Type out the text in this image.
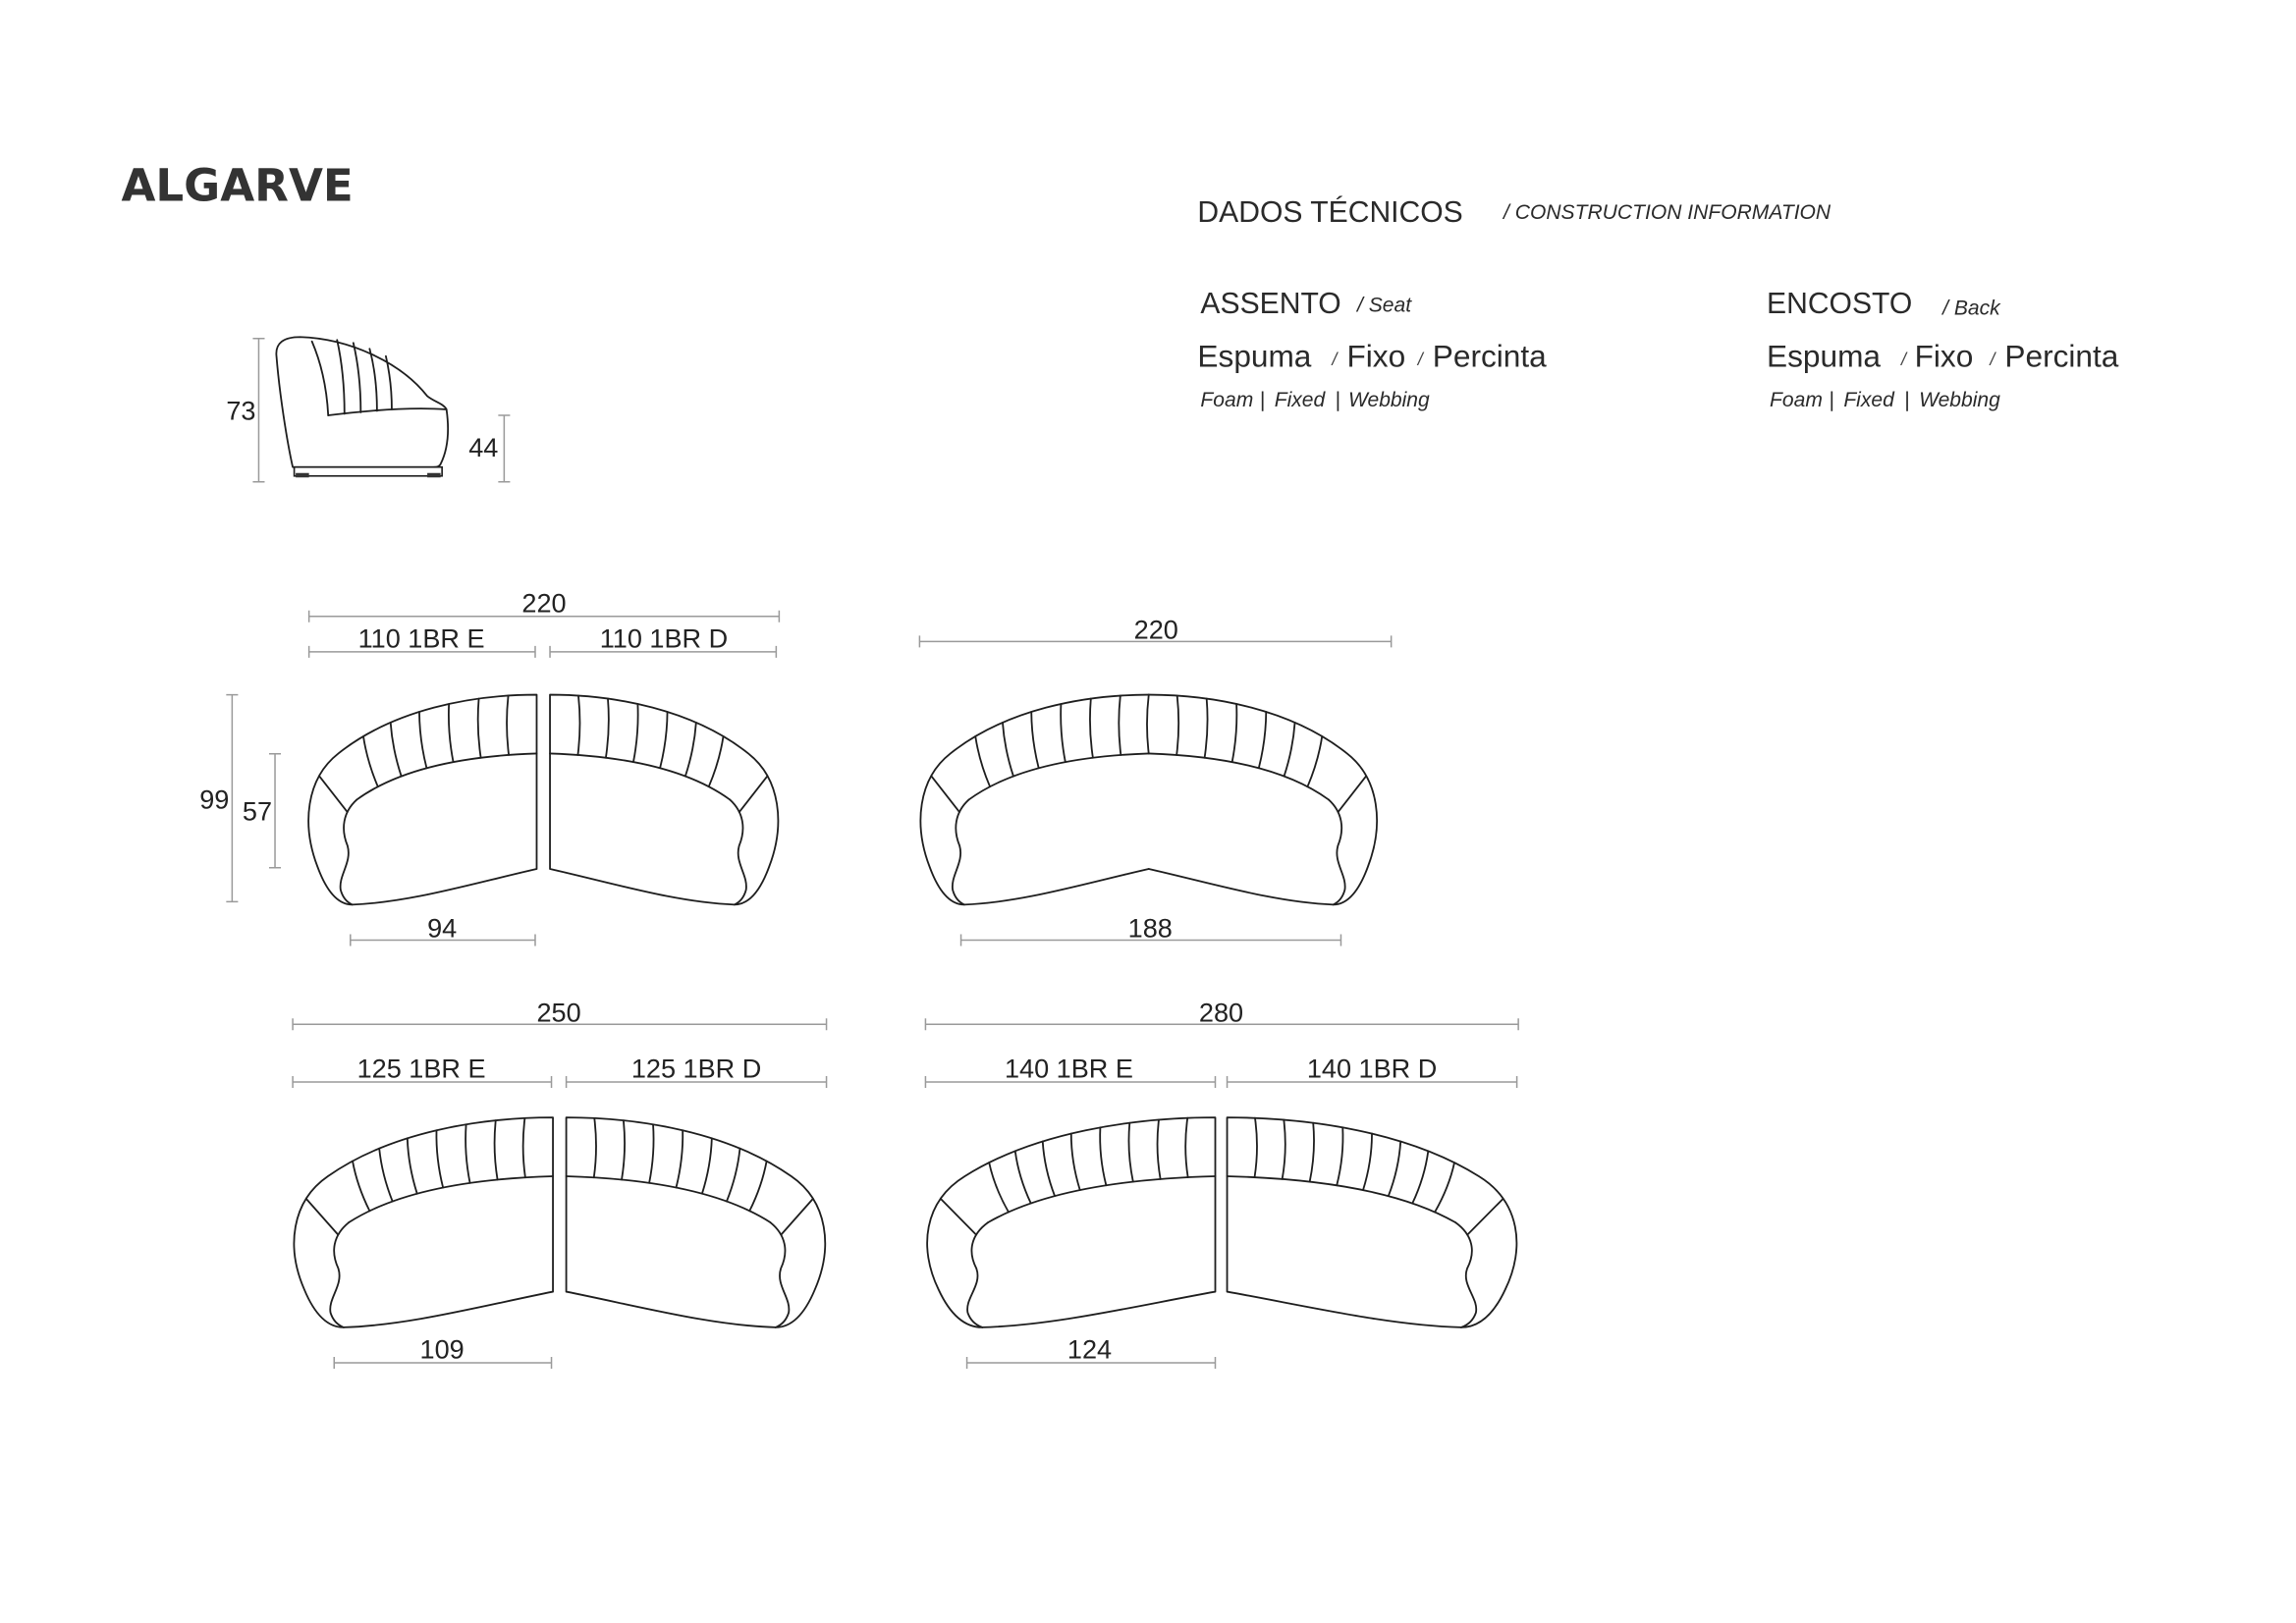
ALGARVE
DADOS TÉCNICOS	/ CONSTRUCTION INFORMATION
ASSENTO / Seat
Espuma / Fixo / Percinta
Foam | Fixed | Webbing
ENCOSTO / Back
Espuma / Fixo / Percinta
Foam | Fixed | Webbing
73
44
220
110 1BR E	110 1BR D
99 57
94
220
188
250
125 1BR E	125 1BR D
109
280
140 1BR E	140 1BR D
124
